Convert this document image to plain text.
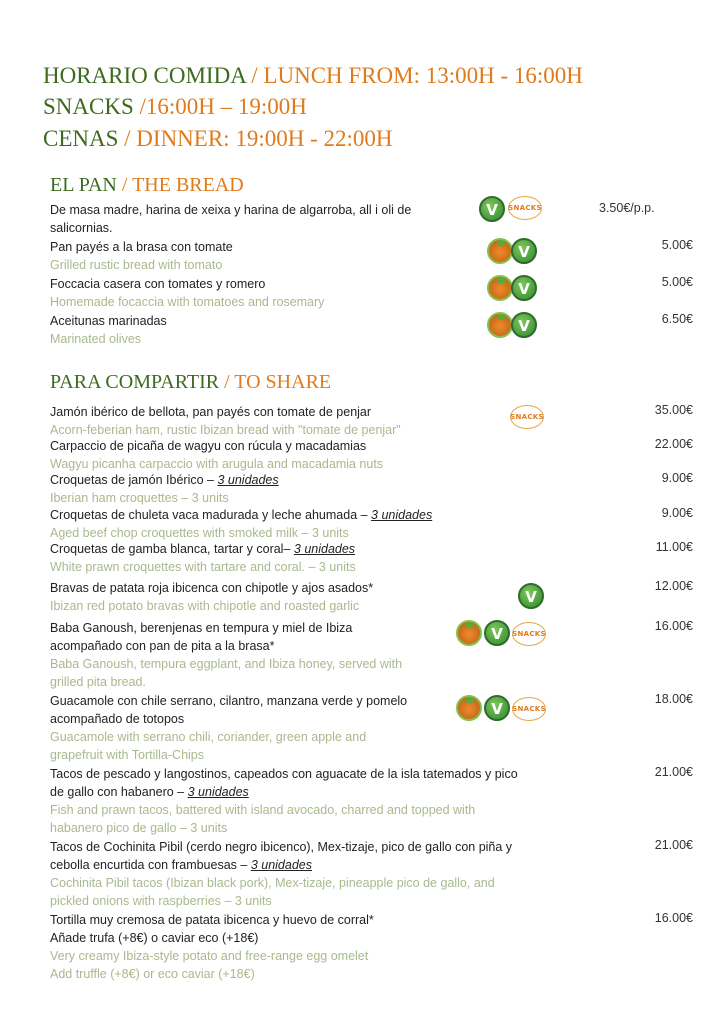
HORARIO COMIDA / LUNCH FROM: 13:00H - 16:00H
SNACKS /16:00H – 19:00H
CENAS / DINNER: 19:00H - 22:00H
EL PAN / THE BREAD
De masa madre, harina de xeixa y harina de algarroba, all i oli de
salicornias.
3.50€/p.p.
V
SNACKS
Pan payés a la brasa con tomate
Grilled rustic bread with tomato
5.00€
V
Foccacia casera con tomates y romero
Homemade focaccia with tomatoes and rosemary
5.00€
V
Aceitunas marinadas
Marinated olives
6.50€
V
PARA COMPARTIR / TO SHARE
Jamón ibérico de bellota, pan payés con tomate de penjar
Acorn-feberian ham, rustic Ibizan bread with "tomate de penjar"
35.00€
SNACKS
Carpaccio de picaña de wagyu con rúcula y macadamias
Wagyu picanha carpaccio with arugula and macadamia nuts
22.00€
Croquetas de jamón Ibérico – 3 unidades
Iberian ham croquettes – 3 units
9.00€
Croquetas de chuleta vaca madurada y leche ahumada – 3 unidades
Aged beef chop croquettes with smoked milk – 3 units
9.00€
Croquetas de gamba blanca, tartar y coral– 3 unidades
White prawn croquettes with tartare and coral. – 3 units
11.00€
Bravas de patata roja ibicenca con chipotle y ajos asados*
Ibizan red potato bravas with chipotle and roasted garlic
12.00€
V
Baba Ganoush, berenjenas en tempura y miel de Ibiza
acompañado con pan de pita a la brasa*
Baba Ganoush, tempura eggplant, and Ibiza honey, served with
grilled pita bread.
16.00€
V
SNACKS
Guacamole con chile serrano, cilantro, manzana verde y pomelo
acompañado de totopos
Guacamole with serrano chili, coriander, green apple and
grapefruit with Tortilla-Chips
18.00€
V
SNACKS
Tacos de pescado y langostinos, capeados con aguacate de la isla tatemados y pico
de gallo con habanero – 3 unidades
Fish and prawn tacos, battered with island avocado, charred and topped with
habanero pico de gallo – 3 units
21.00€
Tacos de Cochinita Pibil (cerdo negro ibicenco), Mex-tizaje, pico de gallo con piña y
cebolla encurtida con frambuesas – 3 unidades
Cochinita Pibil tacos (Ibizan black pork), Mex-tizaje, pineapple pico de gallo, and
pickled onions with raspberries – 3 units
21.00€
Tortilla muy cremosa de patata ibicenca y huevo de corral*
Añade trufa (+8€) o caviar eco (+18€)
Very creamy Ibiza-style potato and free-range egg omelet
Add truffle (+8€) or eco caviar (+18€)
16.00€
